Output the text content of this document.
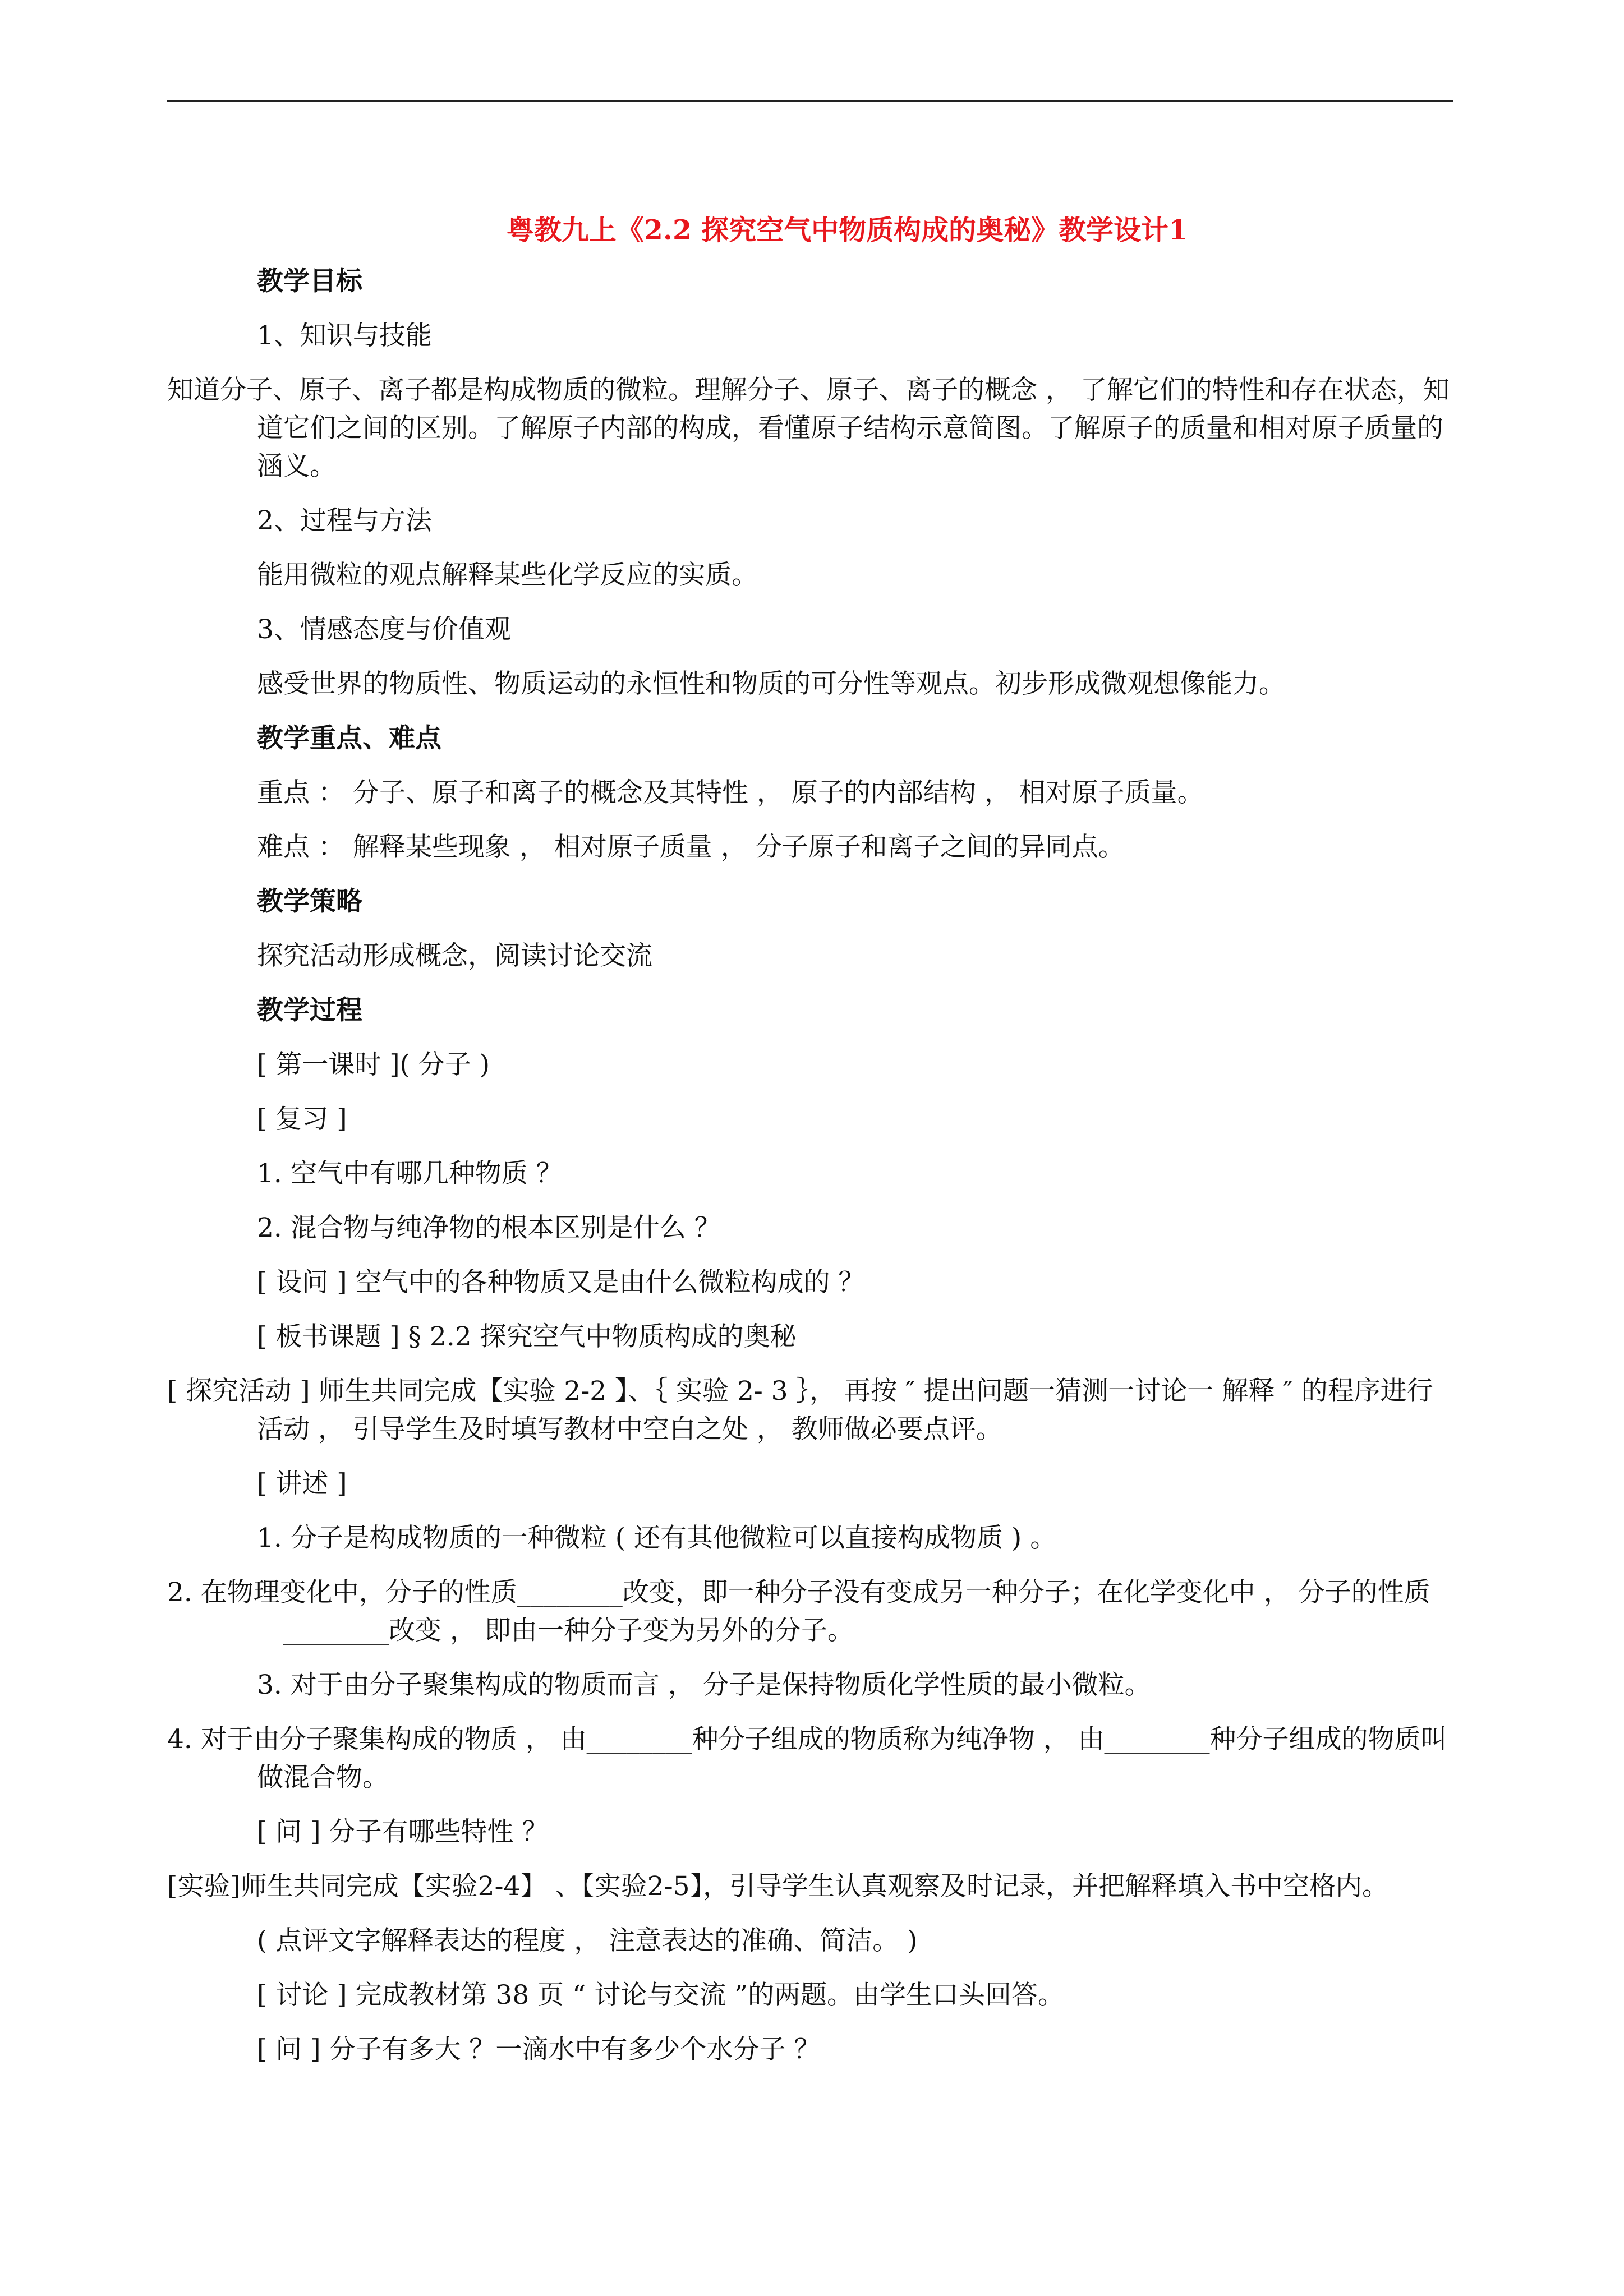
粤教九上《2.2 探究空气中物质构成的奥秘》教学设计1

教学目标

1、知识与技能

知道分子、原子、离子都是构成物质的微粒。理解分子、原子、离子的概念 ， 了解它们的特性和存在状态，知道它们之间的区别。了解原子内部的构成，看懂原子结构示意简图。了解原子的质量和相对原子质量的涵义。

2、过程与方法

能用微粒的观点解释某些化学反应的实质。

3、情感态度与价值观

感受世界的物质性、物质运动的永恒性和物质的可分性等观点。初步形成微观想像能力。

教学重点、难点

重点 ： 分子、原子和离子的概念及其特性 ， 原子的内部结构 ， 相对原子质量。

难点 ： 解释某些现象 ， 相对原子质量 ， 分子原子和离子之间的异同点。

教学策略

探究活动形成概念，阅读讨论交流

教学过程

[ 第一课时 ]( 分子 )

[ 复习 ]

1. 空气中有哪几种物质 ？

2. 混合物与纯净物的根本区别是什么 ？

[ 设问 ] 空气中的各种物质又是由什么微粒构成的 ？

[ 板书课题 ] § 2.2 探究空气中物质构成的奥秘

[ 探究活动 ] 师生共同完成【实验 2-2 】、｛ 实验 2- 3 ｝， 再按 ″ 提出问题一猜测一讨论一 解释 ″ 的程序进行活动 ， 引导学生及时填写教材中空白之处 ， 教师做必要点评。

[ 讲述 ]

1. 分子是构成物质的一种微粒 ( 还有其他微粒可以直接构成物质 ) 。

2. 在物理变化中，分子的性质________改变，即一种分子没有变成另一种分子；在化学变化中 ， 分子的性质 　________改变 ， 即由一种分子变为另外的分子。

3. 对于由分子聚集构成的物质而言 ， 分子是保持物质化学性质的最小微粒。

4. 对于由分子聚集构成的物质 ， 由________种分子组成的物质称为纯净物 ， 由________种分子组成的物质叫做混合物。

[ 问 ] 分子有哪些特性 ？

[实验]师生共同完成【实验2-4】 、【实验2-5】，引导学生认真观察及时记录，并把解释填入书中空格内。

( 点评文字解释表达的程度 ， 注意表达的准确、简洁。 )

[ 讨论 ] 完成教材第 38 页 “ 讨论与交流 ”的两题。由学生口头回答。

[ 问 ] 分子有多大 ？一滴水中有多少个水分子 ？
